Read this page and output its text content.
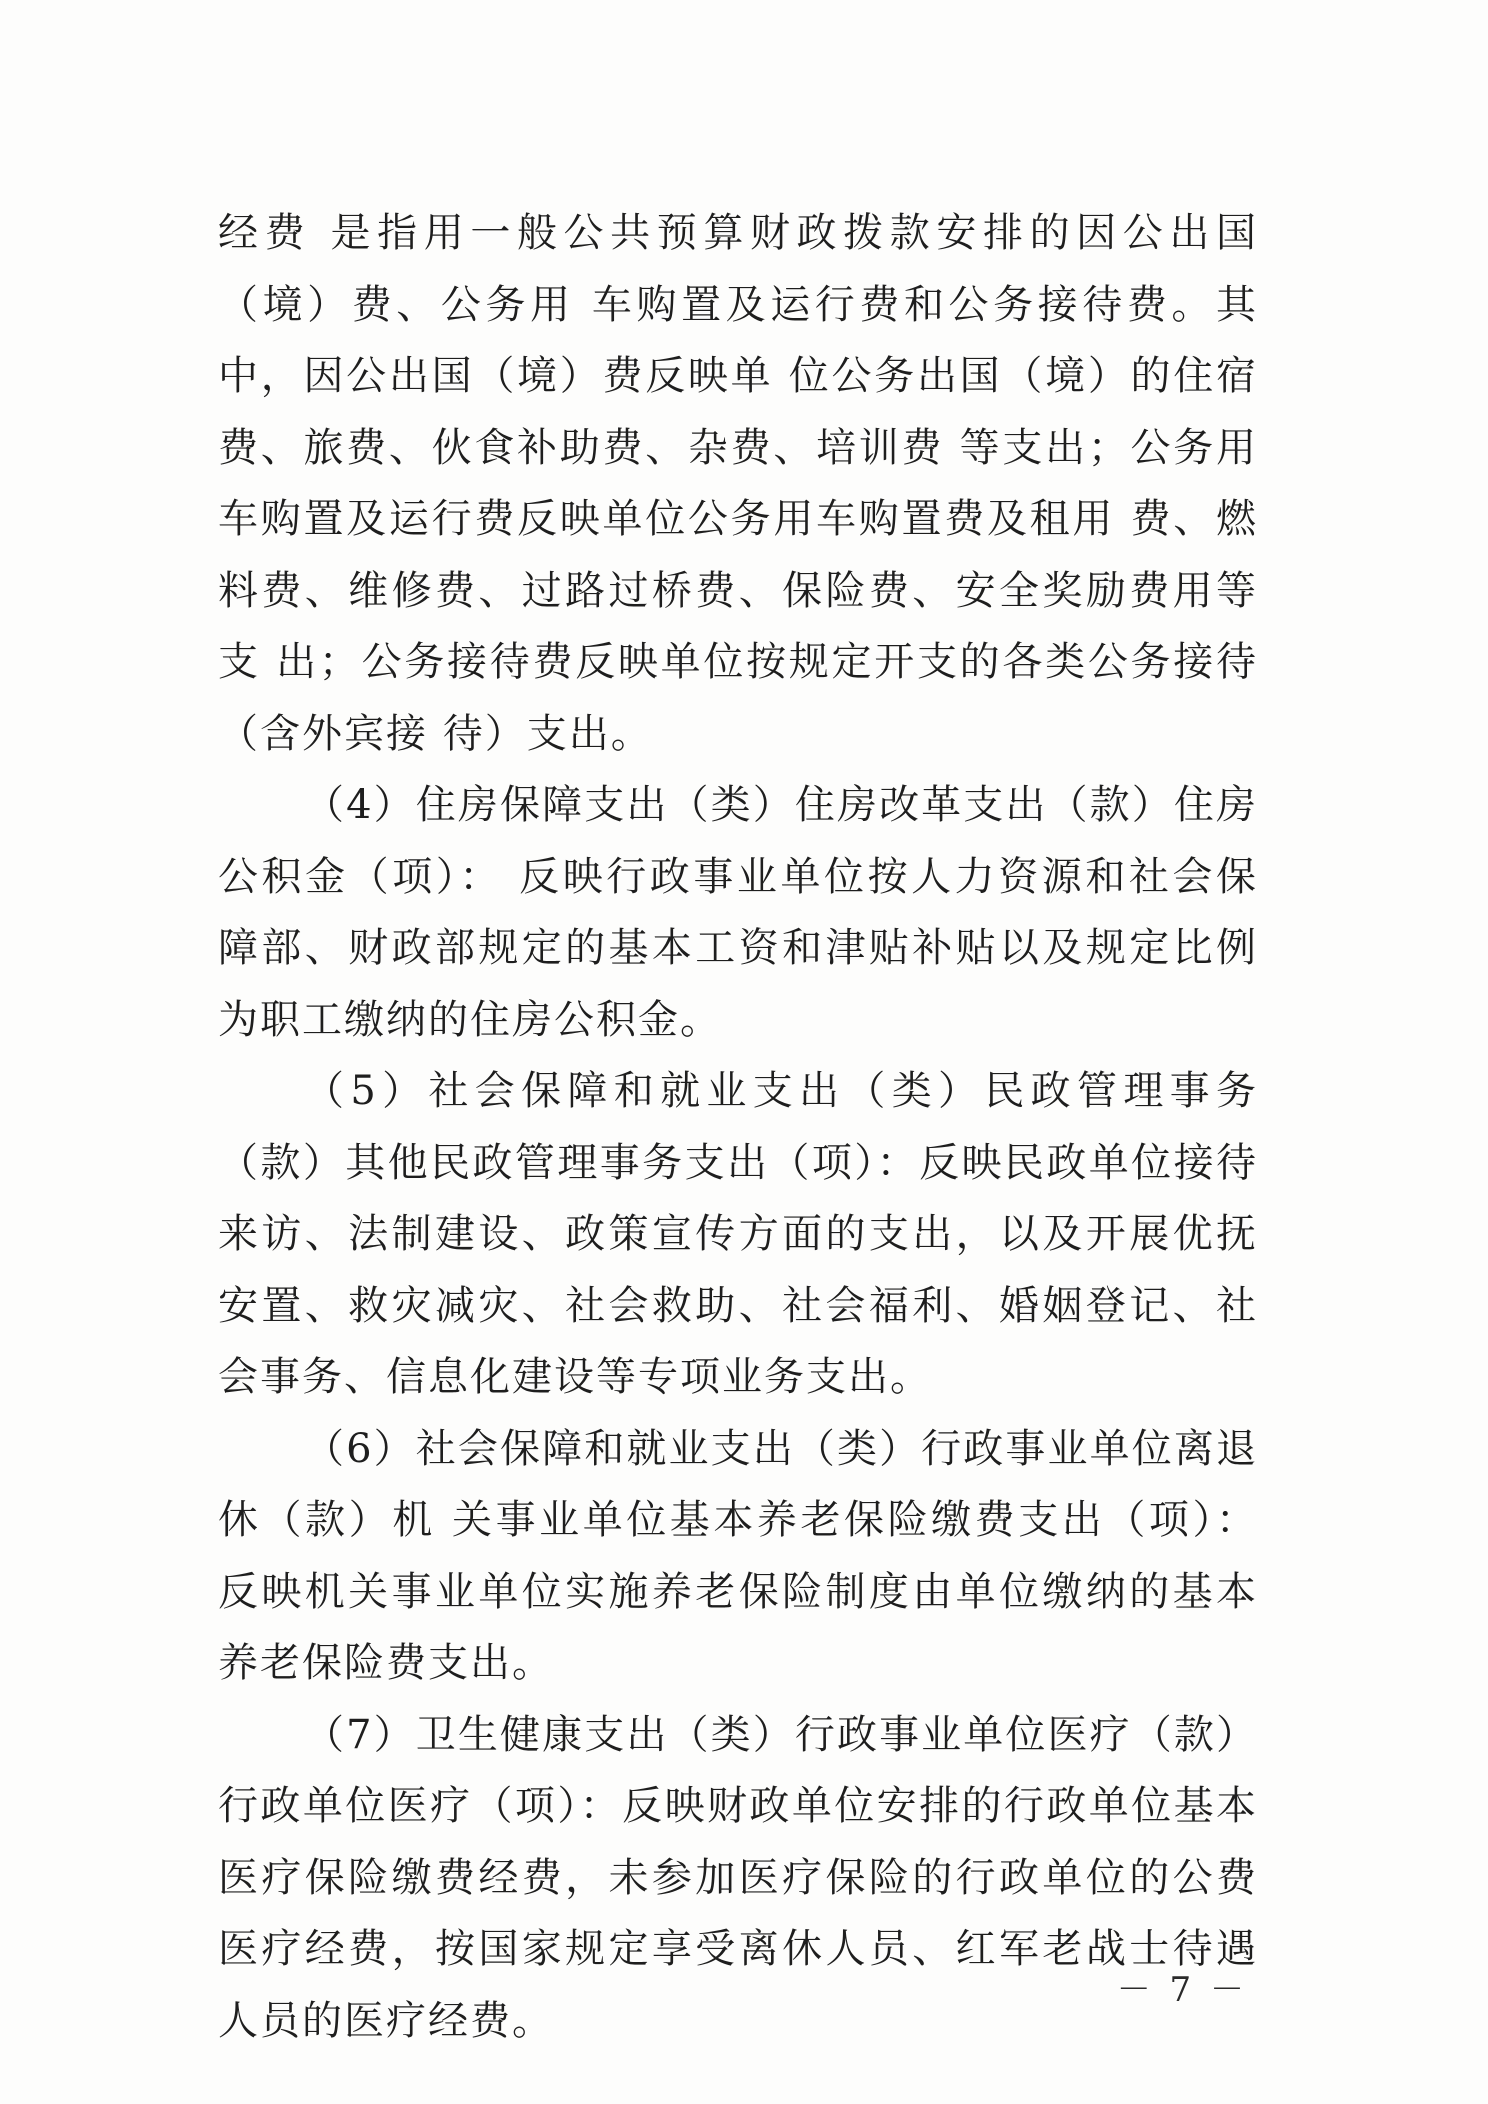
经费 是指用一般公共预算财政拨款安排的因公出国（境）费、公务用 车购置及运行费和公务接待费。其中，因公出国（境）费反映单 位公务出国（境）的住宿费、旅费、伙食补助费、杂费、培训费 等支出；公务用车购置及运行费反映单位公务用车购置费及租用 费、燃料费、维修费、过路过桥费、保险费、安全奖励费用等支 出；公务接待费反映单位按规定开支的各类公务接待（含外宾接 待）支出。

（4）住房保障支出（类）住房改革支出（款）住房公积金（项）： 反映行政事业单位按人力资源和社会保障部、财政部规定的基本工资和津贴补贴以及规定比例为职工缴纳的住房公积金。

（5）社会保障和就业支出（类）民政管理事务（款）其他民政管理事务支出（项）：反映民政单位接待来访、法制建设、政策宣传方面的支出，以及开展优抚安置、救灾减灾、社会救助、社会福利、婚姻登记、社会事务、信息化建设等专项业务支出。

（6）社会保障和就业支出（类）行政事业单位离退休（款）机 关事业单位基本养老保险缴费支出（项）：反映机关事业单位实施养老保险制度由单位缴纳的基本养老保险费支出。

（7）卫生健康支出（类）行政事业单位医疗（款）行政单位医疗（项）：反映财政单位安排的行政单位基本医疗保险缴费经费，未参加医疗保险的行政单位的公费医疗经费，按国家规定享受离休人员、红军老战士待遇人员的医疗经费。

－ 7 －
